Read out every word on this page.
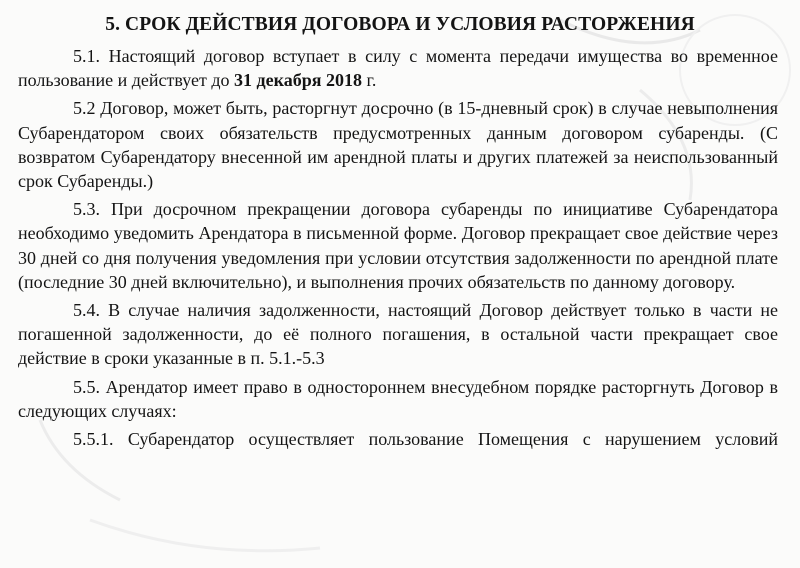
5. СРОК ДЕЙСТВИЯ ДОГОВОРА И УСЛОВИЯ РАСТОРЖЕНИЯ

5.1. Настоящий договор вступает в силу с момента передачи имущества во временное пользование и действует до 31 декабря 2018 г.

5.2 Договор, может быть, расторгнут досрочно (в 15-дневный срок) в случае невыполнения Субарендатором своих обязательств предусмотренных данным договором субаренды. (С возвратом Субарендатору внесенной им арендной платы и других платежей за неиспользованный срок Субаренды.)

5.3. При досрочном прекращении договора субаренды по инициативе Субарендатора необходимо уведомить Арендатора в письменной форме. Договор прекращает свое действие через 30 дней со дня получения уведомления при условии отсутствия задолженности по арендной плате (последние 30 дней включительно), и выполнения прочих обязательств по данному договору.

5.4. В случае наличия задолженности, настоящий Договор действует только в части не погашенной задолженности, до её полного погашения, в остальной части прекращает свое действие в сроки указанные в п. 5.1.-5.3

5.5. Арендатор имеет право в одностороннем внесудебном порядке расторгнуть Договор в следующих случаях:

5.5.1. Субарендатор осуществляет пользование Помещения с нарушением условий
